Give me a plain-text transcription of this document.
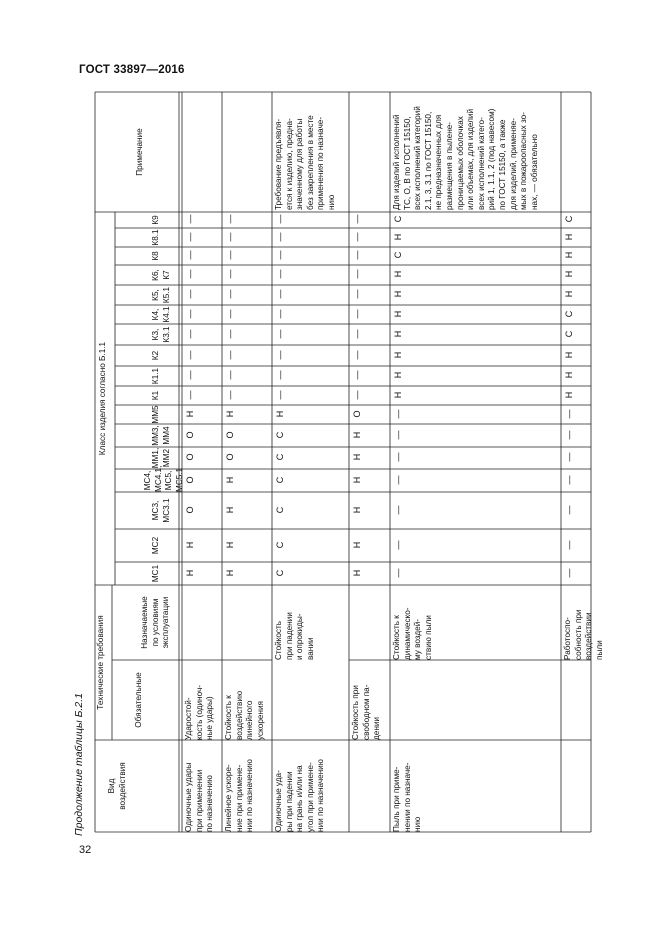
ГОСТ 33897—2016
32
Продолжение таблицы Б.2.1	Вид
воздействия
Технические требования	Обязательные
Назначаемые
по условиям
эксплуатации
Класс изделия согласно Б.1.1
Примечание
МС1
МС2
МС3, МС3.1
МС4, МС4.1,
МС5, МС5.1
ММ1, ММ2
ММ3, ММ4
ММ5
К1
К1.1
К2
К3, К3.1
К4, К4.1
К5, К5.1
К6, К7
К8
К8.1
К9
Одиночные удары
при применении
по назначению
Ударостой-
кость (одиноч-
ные удары)
Н
Н
О
О
О
О
Н
—
—
—
—
—
—
—
—
—
—
Линейное ускоре-
ние при примене-
нии по назначению
Стойкость к
воздействию
линейного
ускорения
Н
Н
Н
Н
О
О
Н
—
—
—
—
—
—
—
—
—
—
Одиночные уда-
ры при падении
на грань и/или на
угол при примене-
нии по назначению
Стойкость
при падении
и опрокиды-
вании
Требование предъявля-
ется к изделию, предна-
значенному для работы
без закрепления в месте
применения по назначе-
нию
С
С
С
С
С
С
Н
—
—
—
—
—
—
—
—
—
—
Стойкость при
свободном па-
дении
Н
Н
Н
Н
Н
Н
О
—
—
—
—
—
—
—
—
—
—
Пыль при приме-
нении по назначе-
нию
Стойкость к
динамическо-
му воздей-
ствию пыли
Для изделий исполнений
ТС, О, В по ГОСТ 15150,
всех исполнений категорий
2.1, 3, 3.1 по ГОСТ 15150,
не предназначенных для
размещения в пылене-
проницаемых оболочках
или объемах, для изделий
всех исполнений катего-
рий 1, 1.1, 2 (под навесом)
по ГОСТ 15150, а также
для изделий, применяе-
мых в пожароопасных зо-
нах, — обязательно
—
—
—
—
—
—
—
Н
Н
Н
Н
Н
Н
Н
С
Н
С
Работоспо-
собность при
воздействии
пыли
—
—
—
—
—
—
—
Н
Н
Н
С
С
Н
Н
Н
Н
С
